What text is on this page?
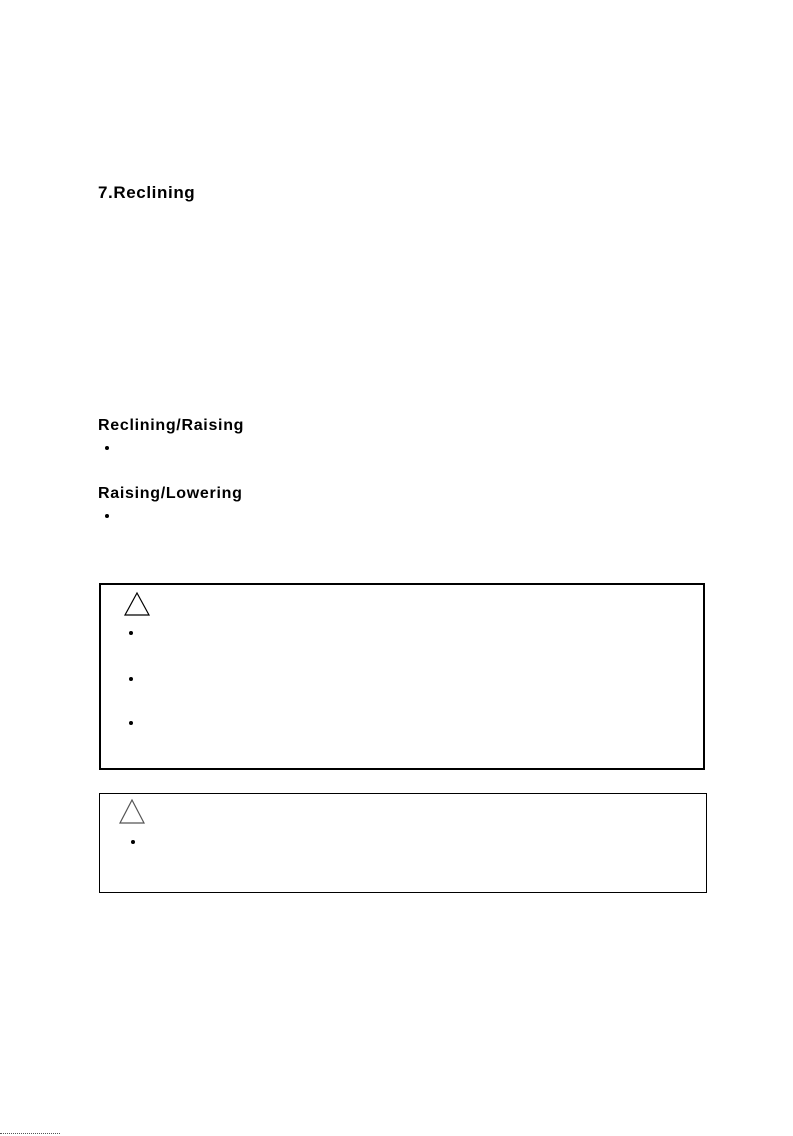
7.Reclining
Reclining/Raising
Raising/Lowering
